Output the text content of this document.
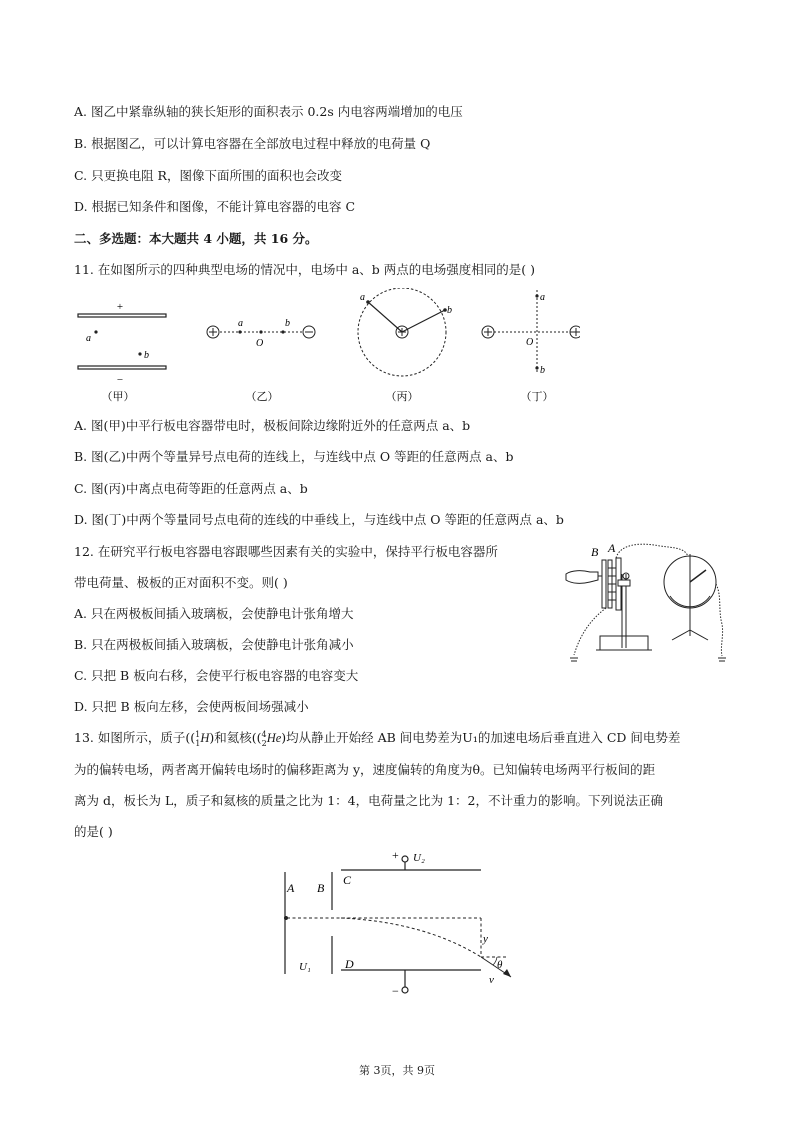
A. 图乙中紧靠纵轴的狭长矩形的面积表示 0.2s 内电容两端增加的电压
B. 根据图乙，可以计算电容器在全部放电过程中释放的电荷量 Q
C. 只更换电阻 R，图像下面所围的面积也会改变
D. 根据已知条件和图像，不能计算电容器的电容 C
二、多选题：本大题共 4 小题，共 16 分。
11. 在如图所示的四种典型电场的情况中，电场中 a、b 两点的电场强度相同的是( )
+
−
a
b
（甲）
a
O
b
（乙）
a
b
（丙）
a
O
b
（丁）
A. 图(甲)中平行板电容器带电时，极板间除边缘附近外的任意两点 a、b
B. 图(乙)中两个等量异号点电荷的连线上，与连线中点 O 等距的任意两点 a、b
C. 图(丙)中离点电荷等距的任意两点 a、b
D. 图(丁)中两个等量同号点电荷的连线的中垂线上，与连线中点 O 等距的任意两点 a、b
12. 在研究平行板电容器电容跟哪些因素有关的实验中，保持平行板电容器所
带电荷量、极板的正对面积不变。则( )
A. 只在两极板间插入玻璃板，会使静电计张角增大
B. 只在两极板间插入玻璃板，会使静电计张角减小
C. 只把 B 板向右移，会使平行板电容器的电容变大
D. 只把 B 板向左移，会使两板间场强减小
B A
13. 如图所示，质子(($^1_1$H)和氦核(($^4_2$He)均从静止开始经 AB 间电势差为U₁的加速电场后垂直进入 CD 间电势差
为的偏转电场，两者离开偏转电场时的偏移距离为 y，速度偏转的角度为θ。已知偏转电场两平行板间的距
离为 d，板长为 L，质子和氦核的质量之比为 1：4，电荷量之比为 1：2，不计重力的影响。下列说法正确
的是( )
A B
C
D
U₁
U₂
+
−
y
θ
v
第 3页，共 9页
